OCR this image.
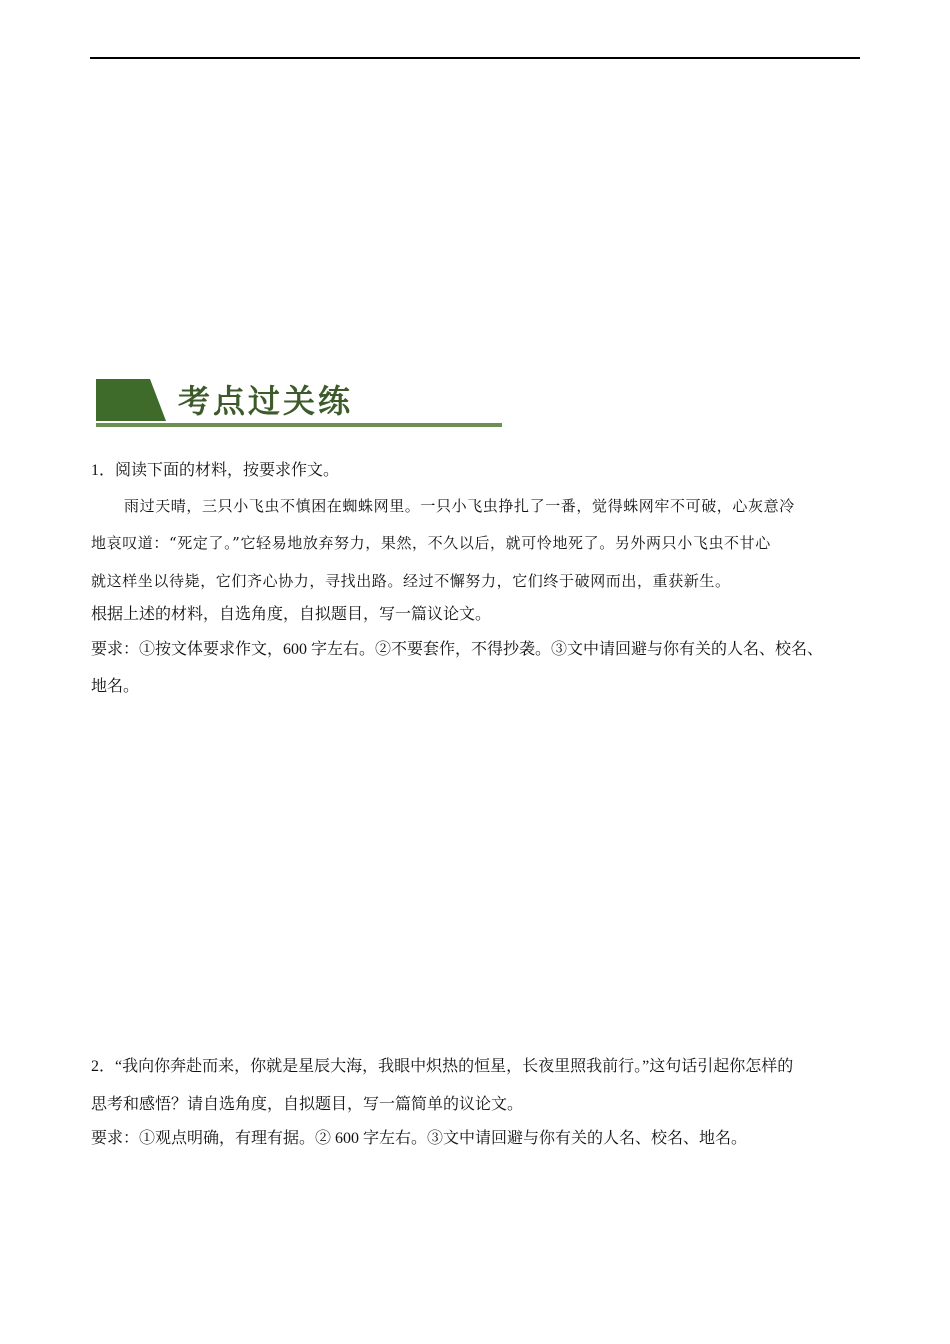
考点过关练
1．阅读下面的材料，按要求作文。
雨过天晴，三只小飞虫不慎困在蜘蛛网里。一只小飞虫挣扎了一番，觉得蛛网牢不可破，心灰意冷
地哀叹道：“死定了。”它轻易地放弃努力，果然，不久以后，就可怜地死了。另外两只小飞虫不甘心
就这样坐以待毙，它们齐心协力，寻找出路。经过不懈努力，它们终于破网而出，重获新生。
根据上述的材料，自选角度，自拟题目，写一篇议论文。
要求：①按文体要求作文，600 字左右。②不要套作，不得抄袭。③文中请回避与你有关的人名、校名、
地名。
2．“我向你奔赴而来，你就是星辰大海，我眼中炽热的恒星，长夜里照我前行。”这句话引起你怎样的
思考和感悟？请自选角度，自拟题目，写一篇简单的议论文。
要求：①观点明确，有理有据。② 600 字左右。③文中请回避与你有关的人名、校名、地名。
